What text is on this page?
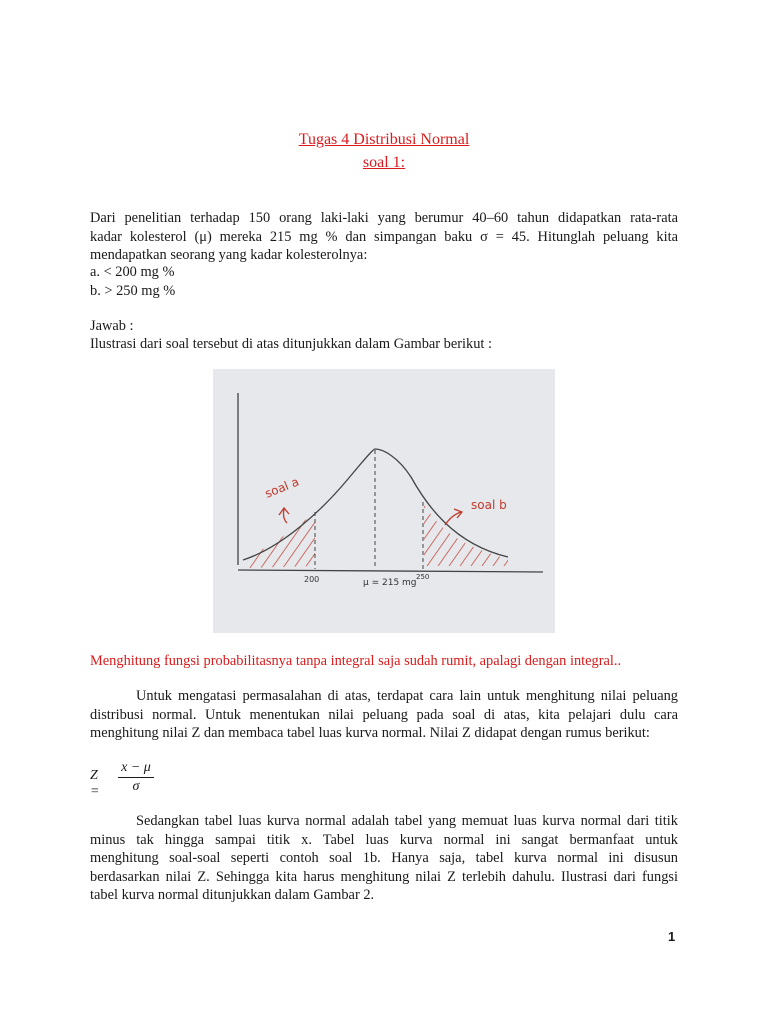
Tugas 4 Distribusi Normal
soal 1:
Dari penelitian terhadap 150 orang laki-laki yang berumur 40–60 tahun didapatkan rata-rata
kadar kolesterol (μ) mereka 215 mg % dan simpangan baku σ = 45. Hitunglah peluang kita
mendapatkan seorang yang kadar kolesterolnya:
a. < 200 mg %
b. > 250 mg %
Jawab :
Ilustrasi dari soal tersebut di atas ditunjukkan dalam Gambar berikut :
soal a
soal b
200	250
μ = 215 mg
Menghitung fungsi probabilitasnya tanpa integral saja sudah rumit, apalagi dengan integral..
Untuk mengatasi permasalahan di atas, terdapat cara lain untuk menghitung nilai peluang
distribusi normal. Untuk menentukan nilai peluang pada soal di atas, kita pelajari dulu cara
menghitung nilai Z dan membaca tabel luas kurva normal. Nilai Z didapat dengan rumus berikut:
$Z = \frac{x - \mu}{\sigma}$
Sedangkan tabel luas kurva normal adalah tabel yang memuat luas kurva normal dari titik
minus tak hingga sampai titik x. Tabel luas kurva normal ini sangat bermanfaat untuk
menghitung soal-soal seperti contoh soal 1b. Hanya saja, tabel kurva normal ini disusun
berdasarkan nilai Z. Sehingga kita harus menghitung nilai Z terlebih dahulu. Ilustrasi dari fungsi
tabel kurva normal ditunjukkan dalam Gambar 2.
1
